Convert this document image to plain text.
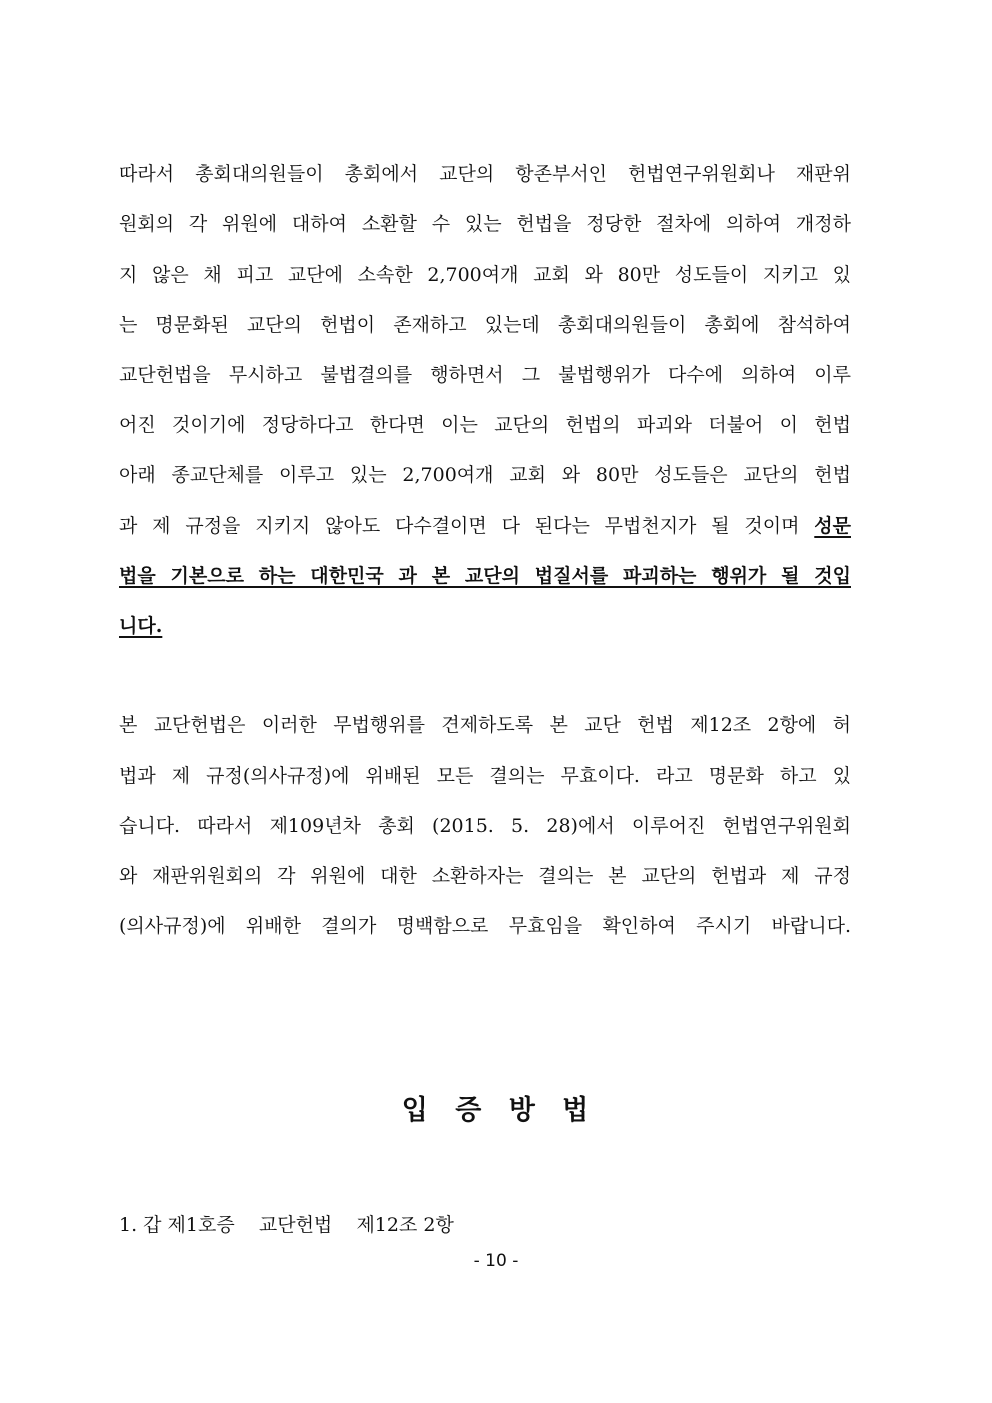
따라서 총회대의원들이 총회에서 교단의 항존부서인 헌법연구위원회나 재판위
원회의 각 위원에 대하여 소환할 수 있는 헌법을 정당한 절차에 의하여 개정하
지 않은 채 피고 교단에 소속한 2,700여개 교회 와 80만 성도들이 지키고 있
는 명문화된 교단의 헌법이 존재하고 있는데 총회대의원들이 총회에 참석하여
교단헌법을 무시하고 불법결의를 행하면서 그 불법행위가 다수에 의하여 이루
어진 것이기에 정당하다고 한다면 이는 교단의 헌법의 파괴와 더불어 이 헌법
아래 종교단체를 이루고 있는 2,700여개 교회 와 80만 성도들은 교단의 헌법
과 제 규정을 지키지 않아도 다수결이면 다 된다는 무법천지가 될 것이며 성문
법을 기본으로 하는 대한민국 과 본 교단의 법질서를 파괴하는 행위가 될 것입
니다.
본 교단헌법은 이러한 무법행위를 견제하도록 본 교단 헌법 제12조 2항에 허
법과 제 규정(의사규정)에 위배된 모든 결의는 무효이다. 라고 명문화 하고 있
습니다. 따라서 제109년차 총회 (2015. 5. 28)에서 이루어진 헌법연구위원회
와 재판위원회의 각 위원에 대한 소환하자는 결의는 본 교단의 헌법과 제 규정
(의사규정)에 위배한 결의가 명백함으로 무효임을 확인하여 주시기 바랍니다.
입 증 방 법
1. 갑 제1호증    교단헌법    제12조 2항
- 10 -
